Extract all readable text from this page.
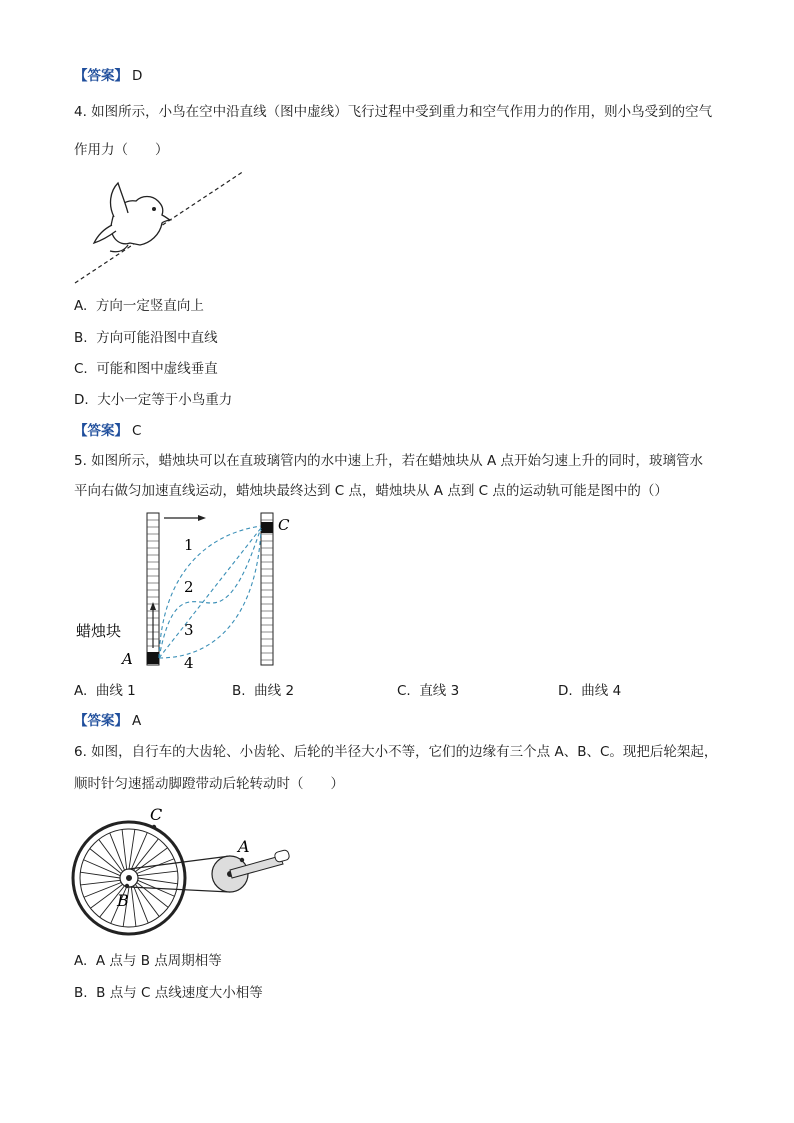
【答案】 D
4. 如图所示，小鸟在空中沿直线（图中虚线）飞行过程中受到重力和空气作用力的作用，则小鸟受到的空气
作用力（　　）
A. 方向一定竖直向上
B. 方向可能沿图中直线
C. 可能和图中虚线垂直
D. 大小一定等于小鸟重力
【答案】 C
5. 如图所示，蜡烛块可以在直玻璃管内的水中速上升，若在蜡烛块从 A 点开始匀速上升的同时，玻璃管水
平向右做匀加速直线运动，蜡烛块最终达到 C 点，蜡烛块从 A 点到 C 点的运动轨可能是图中的（）
1
2
3
4
C
A
蜡烛块
A. 曲线 1	B. 曲线 2	C. 直线 3	D. 曲线 4
【答案】 A
6. 如图，自行车的大齿轮、小齿轮、后轮的半径大小不等，它们的边缘有三个点 A、B、C。现把后轮架起，
顺时针匀速摇动脚蹬带动后轮转动时（　　）
C
A
B
A. A 点与 B 点周期相等
B. B 点与 C 点线速度大小相等
